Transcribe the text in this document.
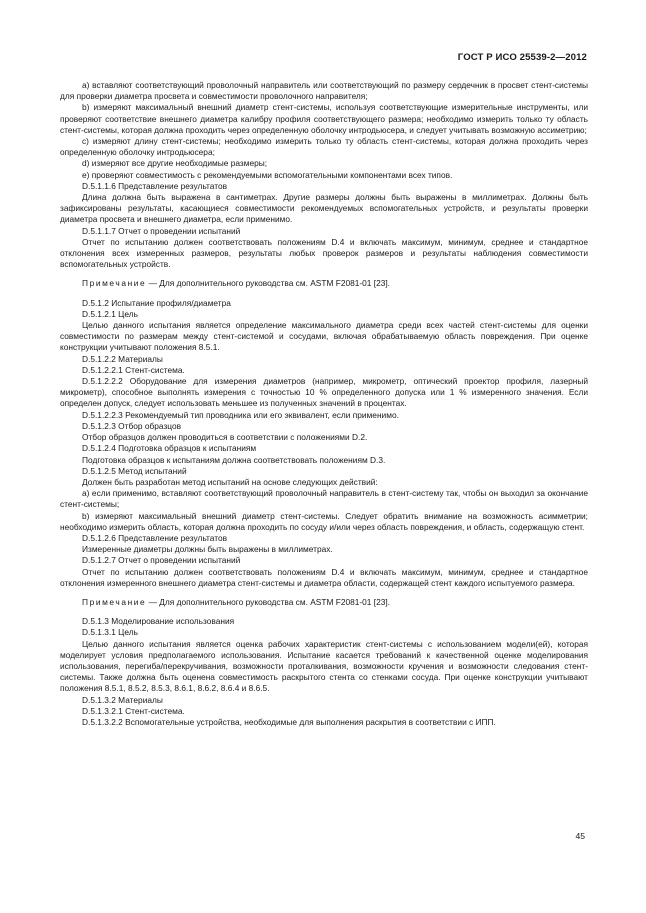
ГОСТ Р ИСО 25539-2—2012

а) вставляют соответствующий проволочный направитель или соответствующий по размеру сердечник в просвет стент-системы для проверки диаметра просвета и совместимости проволочного направителя;

b) измеряют максимальный внешний диаметр стент-системы, используя соответствующие измерительные инструменты, или проверяют соответствие внешнего диаметра калибру профиля соответствующего размера; необходимо измерить только ту область стент-системы, которая должна проходить через определенную оболочку интродьюсера, и следует учитывать возможную ассиметрию;

с) измеряют длину стент-системы; необходимо измерить только ту область стент-системы, которая должна проходить через определенную оболочку интродьюсера;

d) измеряют все другие необходимые размеры;

е) проверяют совместимость с рекомендуемыми вспомогательными компонентами всех типов.

D.5.1.1.6 Представление результатов

Длина должна быть выражена в сантиметрах. Другие размеры должны быть выражены в миллиметрах. Должны быть зафиксированы результаты, касающиеся совместимости рекомендуемых вспомогательных устройств, и результаты проверки диаметра просвета и внешнего диаметра, если применимо.

D.5.1.1.7 Отчет о проведении испытаний

Отчет по испытанию должен соответствовать положениям D.4 и включать максимум, минимум, среднее и стандартное отклонения всех измеренных размеров, результаты любых проверок размеров и результаты наблюдения совместимости вспомогательных устройств.

Примечание — Для дополнительного руководства см. ASTM F2081-01 [23].

D.5.1.2 Испытание профиля/диаметра

D.5.1.2.1 Цель

Целью данного испытания является определение максимального диаметра среди всех частей стент-системы для оценки совместимости по размерам между стент-системой и сосудами, включая обрабатываемую область повреждения. При оценке конструкции учитывают положения 8.5.1.

D.5.1.2.2 Материалы

D.5.1.2.2.1 Стент-система.

D.5.1.2.2.2 Оборудование для измерения диаметров (например, микрометр, оптический проектор профиля, лазерный микрометр), способное выполнять измерения с точностью 10 % определенного допуска или 1 % измеренного значения. Если определен допуск, следует использовать меньшее из полученных значений в процентах.

D.5.1.2.2.3 Рекомендуемый тип проводника или его эквивалент, если применимо.

D.5.1.2.3 Отбор образцов

Отбор образцов должен проводиться в соответствии с положениями D.2.

D.5.1.2.4 Подготовка образцов к испытаниям

Подготовка образцов к испытаниям должна соответствовать положениям D.3.

D.5.1.2.5 Метод испытаний

Должен быть разработан метод испытаний на основе следующих действий:

а) если применимо, вставляют соответствующий проволочный направитель в стент-систему так, чтобы он выходил за окончание стент-системы;

b) измеряют максимальный внешний диаметр стент-системы. Следует обратить внимание на возможность асимметрии; необходимо измерить область, которая должна проходить по сосуду и/или через область повреждения, и область, содержащую стент.

D.5.1.2.6 Представление результатов

Измеренные диаметры должны быть выражены в миллиметрах.

D.5.1.2.7 Отчет о проведении испытаний

Отчет по испытанию должен соответствовать положениям D.4 и включать максимум, минимум, среднее и стандартное отклонения измеренного внешнего диаметра стент-системы и диаметра области, содержащей стент каждого испытуемого размера.

Примечание — Для дополнительного руководства см. ASTM F2081-01 [23].

D.5.1.3 Моделирование использования

D.5.1.3.1 Цель

Целью данного испытания является оценка рабочих характеристик стент-системы с использованием модели(ей), которая моделирует условия предполагаемого использования. Испытание касается требований к качественной оценке моделирования использования, перегиба/перекручивания, возможности проталкивания, возможности кручения и возможности следования стент-системы. Также должна быть оценена совместимость раскрытого стента со стенками сосуда. При оценке конструкции учитывают положения 8.5.1, 8.5.2, 8.5.3, 8.6.1, 8.6.2, 8.6.4 и 8.6.5.

D.5.1.3.2 Материалы

D.5.1.3.2.1 Стент-система.

D.5.1.3.2.2 Вспомогательные устройства, необходимые для выполнения раскрытия в соответствии с ИПП.

45
